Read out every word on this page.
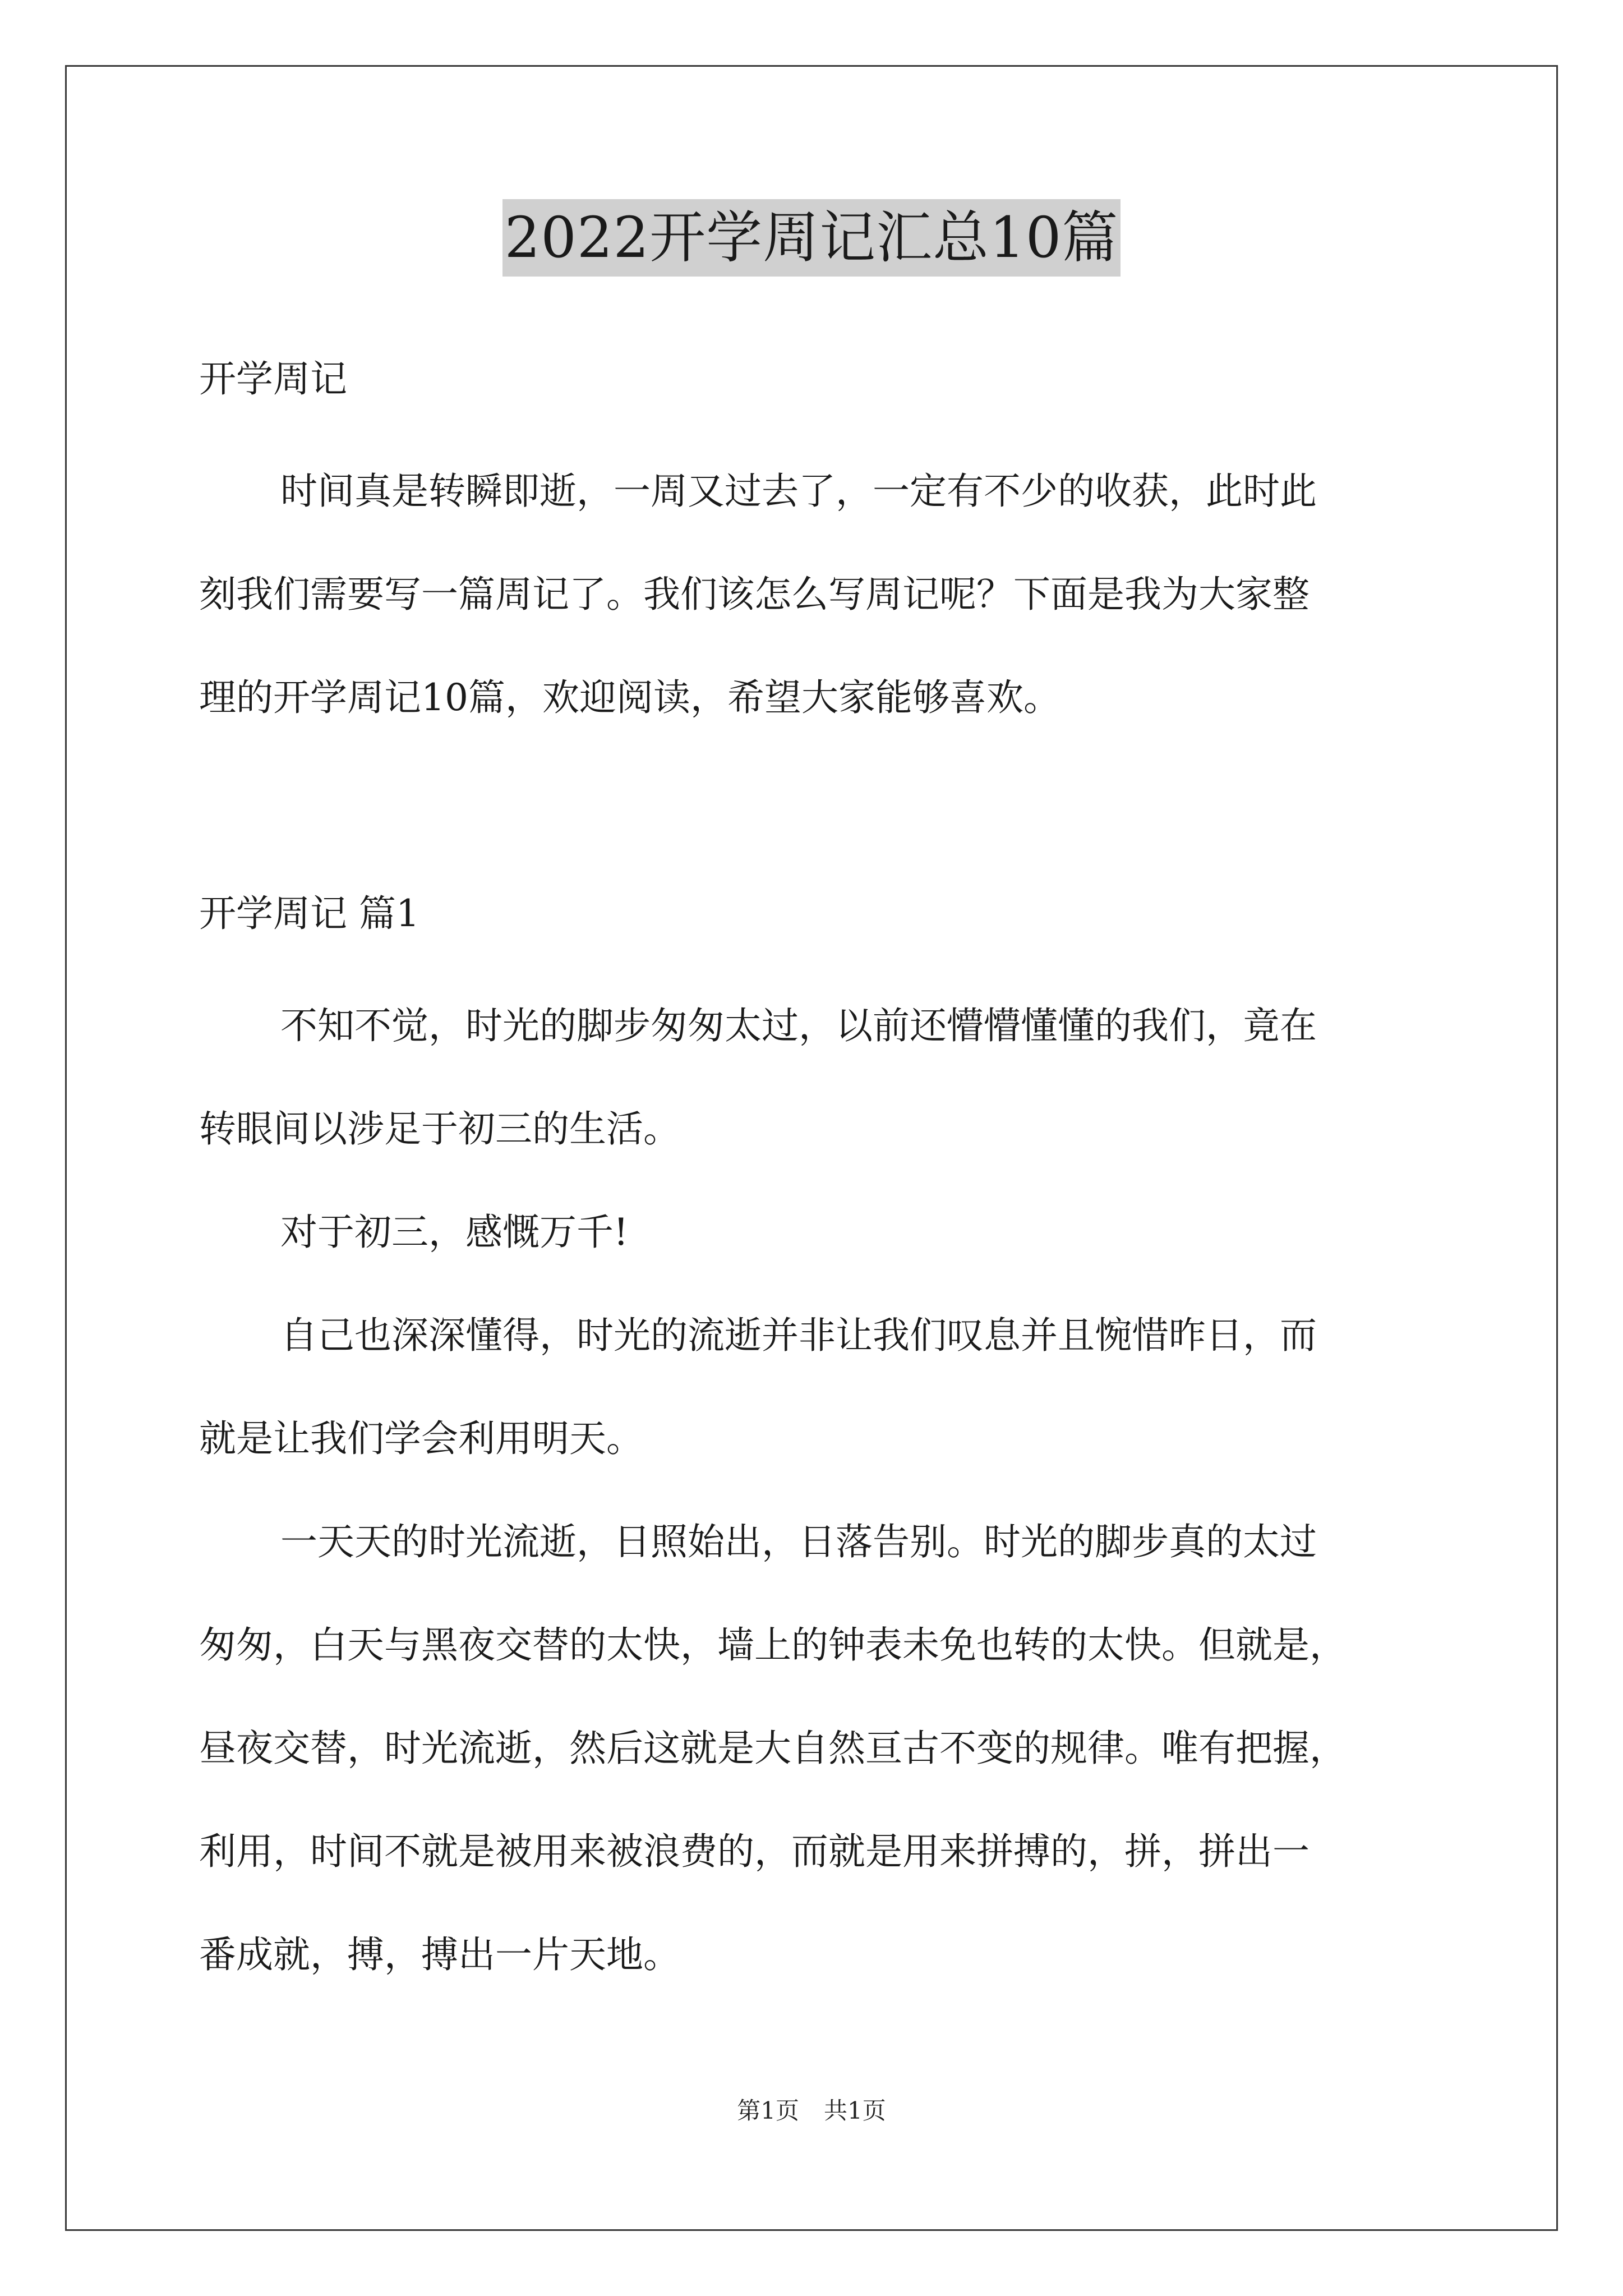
2022开学周记汇总10篇

开学周记

时间真是转瞬即逝，一周又过去了，一定有不少的收获，此时此
刻我们需要写一篇周记了。我们该怎么写周记呢？下面是我为大家整
理的开学周记10篇，欢迎阅读，希望大家能够喜欢。

开学周记 篇1

不知不觉，时光的脚步匆匆太过，以前还懵懵懂懂的我们，竟在
转眼间以涉足于初三的生活。
对于初三，感慨万千!
自己也深深懂得，时光的流逝并非让我们叹息并且惋惜昨日，而
就是让我们学会利用明天。
一天天的时光流逝，日照始出，日落告别。时光的脚步真的太过
匆匆，白天与黑夜交替的太快，墙上的钟表未免也转的太快。但就是，
昼夜交替，时光流逝，然后这就是大自然亘古不变的规律。唯有把握，
利用，时间不就是被用来被浪费的，而就是用来拼搏的，拼，拼出一
番成就，搏，搏出一片天地。
第1页 共1页
